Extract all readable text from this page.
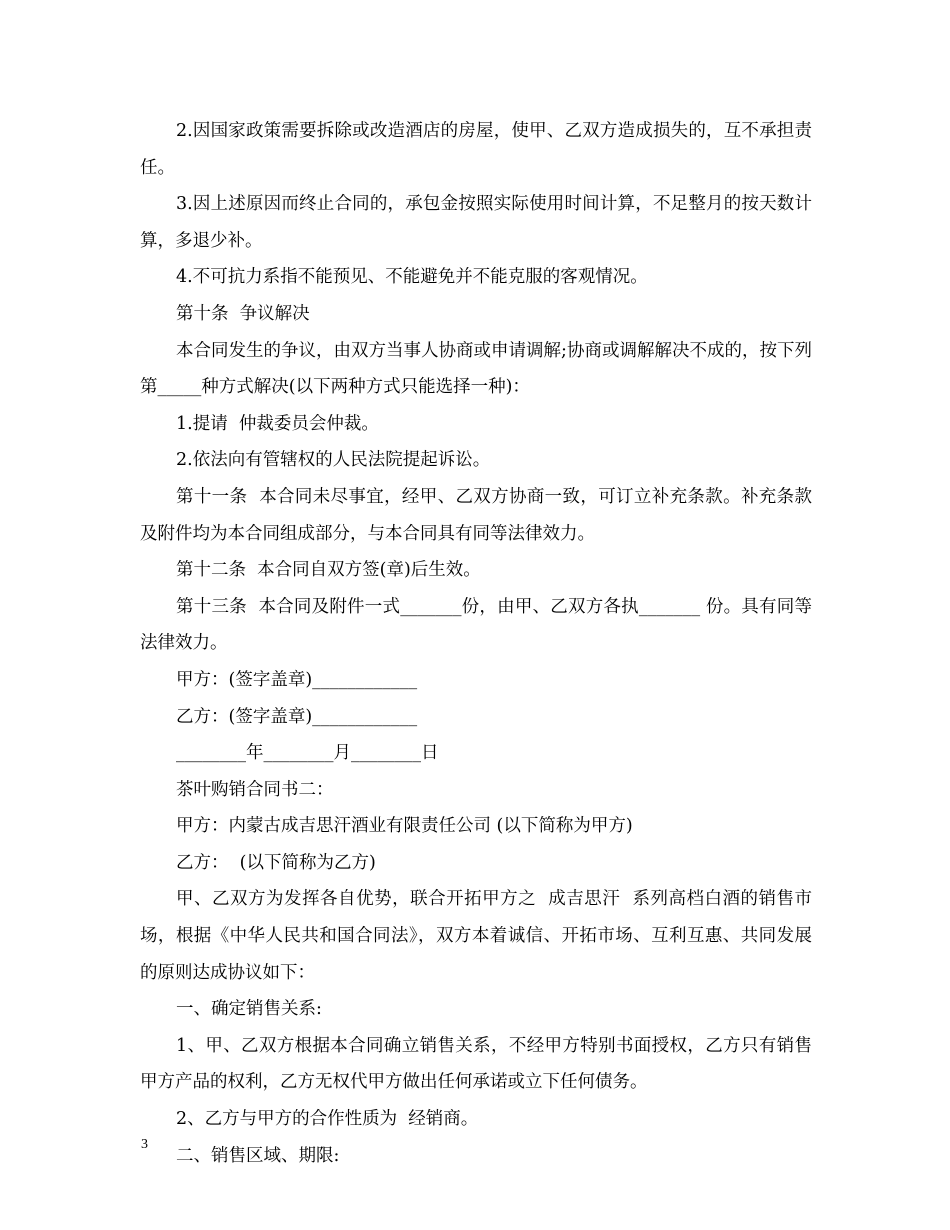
2.因国家政策需要拆除或改造酒店的房屋，使甲、乙双方造成损失的，互不承担责任。

3.因上述原因而终止合同的，承包金按照实际使用时间计算，不足整月的按天数计算，多退少补。

4.不可抗力系指不能预见、不能避免并不能克服的客观情况。

第十条  争议解决

本合同发生的争议，由双方当事人协商或申请调解;协商或调解解决不成的，按下列第_____种方式解决(以下两种方式只能选择一种)：

1.提请  仲裁委员会仲裁。

2.依法向有管辖权的人民法院提起诉讼。

第十一条  本合同未尽事宜，经甲、乙双方协商一致，可订立补充条款。补充条款及附件均为本合同组成部分，与本合同具有同等法律效力。

第十二条  本合同自双方签(章)后生效。

第十三条  本合同及附件一式_______份，由甲、乙双方各执_______ 份。具有同等法律效力。

甲方：(签字盖章)____________

乙方：(签字盖章)____________

________年________月________日

茶叶购销合同书二：

甲方：内蒙古成吉思汗酒业有限责任公司 (以下简称为甲方)

乙方：  (以下简称为乙方)

甲、乙双方为发挥各自优势，联合开拓甲方之  成吉思汗  系列高档白酒的销售市场，根据《中华人民共和国合同法》，双方本着诚信、开拓市场、互利互惠、共同发展的原则达成协议如下：

一、确定销售关系:

1、甲、乙双方根据本合同确立销售关系，不经甲方特别书面授权，乙方只有销售甲方产品的权利，乙方无权代甲方做出任何承诺或立下任何债务。

2、乙方与甲方的合作性质为  经销商。

二、销售区域、期限:

3
